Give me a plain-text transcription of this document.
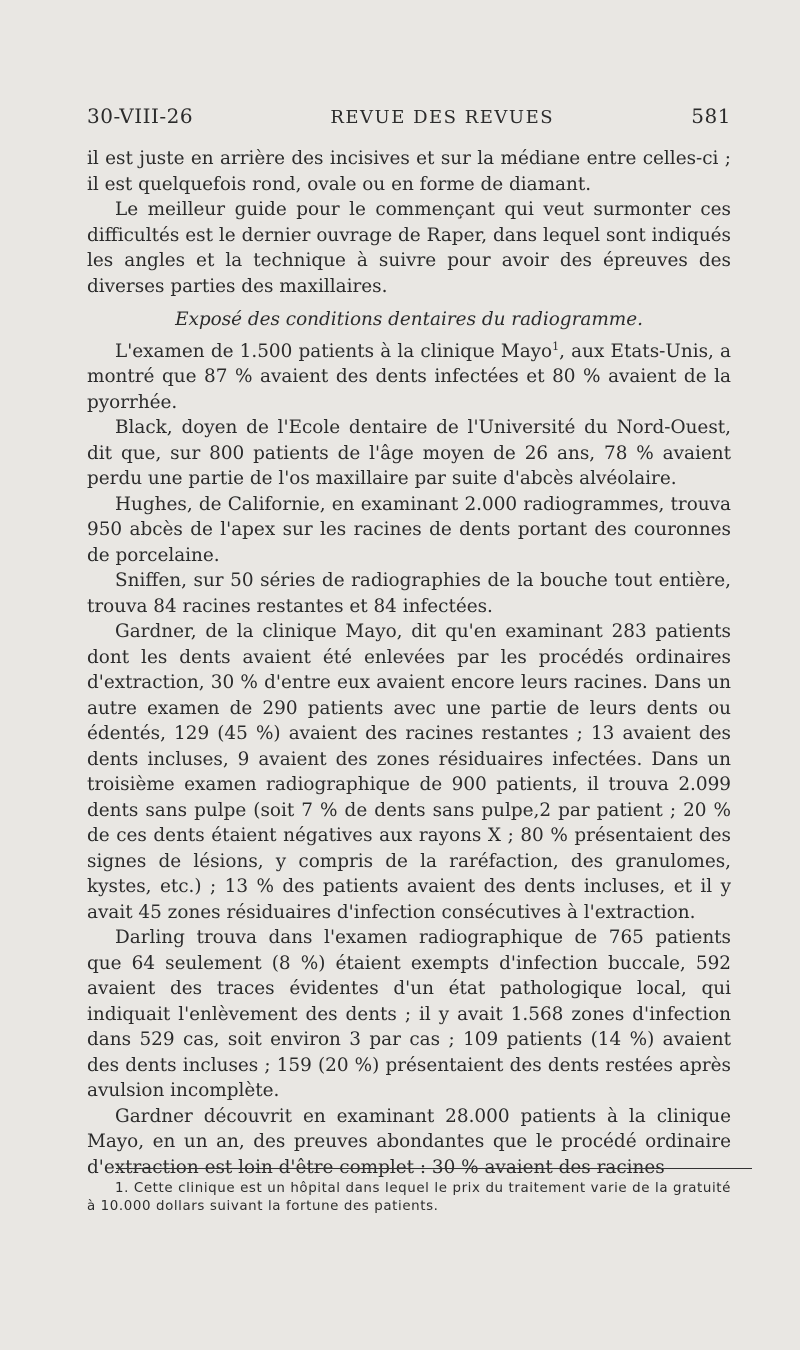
30-VIII-26	REVUE DES REVUES	581

il est juste en arrière des incisives et sur la médiane entre celles-ci ; il est quelquefois rond, ovale ou en forme de diamant.

Le meilleur guide pour le commençant qui veut surmonter ces difficultés est le dernier ouvrage de Raper, dans lequel sont indiqués les angles et la technique à suivre pour avoir des épreuves des diverses parties des maxillaires.

Exposé des conditions dentaires du radiogramme.

L'examen de 1.500 patients à la clinique Mayo$^1$, aux Etats-Unis, a montré que 87 % avaient des dents infectées et 80 % avaient de la pyorrhée.

Black, doyen de l'Ecole dentaire de l'Université du Nord-Ouest, dit que, sur 800 patients de l'âge moyen de 26 ans, 78 % avaient perdu une partie de l'os maxillaire par suite d'abcès alvéolaire.

Hughes, de Californie, en examinant 2.000 radiogrammes, trouva 950 abcès de l'apex sur les racines de dents portant des couronnes de porcelaine.

Sniffen, sur 50 séries de radiographies de la bouche tout entière, trouva 84 racines restantes et 84 infectées.

Gardner, de la clinique Mayo, dit qu'en examinant 283 patients dont les dents avaient été enlevées par les procédés ordinaires d'extraction, 30 % d'entre eux avaient encore leurs racines. Dans un autre examen de 290 patients avec une partie de leurs dents ou édentés, 129 (45 %) avaient des racines restantes ; 13 avaient des dents incluses, 9 avaient des zones résiduaires infectées. Dans un troisième examen radiographique de 900 patients, il trouva 2.099 dents sans pulpe (soit 7 % de dents sans pulpe,2 par patient ; 20 % de ces dents étaient négatives aux rayons X ; 80 % présentaient des signes de lésions, y compris de la raréfaction, des granulomes, kystes, etc.) ; 13 % des patients avaient des dents incluses, et il y avait 45 zones résiduaires d'infection consécutives à l'extraction.

Darling trouva dans l'examen radiographique de 765 patients que 64 seulement (8 %) étaient exempts d'infection buccale, 592 avaient des traces évidentes d'un état pathologique local, qui indiquait l'enlèvement des dents ; il y avait 1.568 zones d'infection dans 529 cas, soit environ 3 par cas ; 109 patients (14 %) avaient des dents incluses ; 159 (20 %) présentaient des dents restées après avulsion incomplète.

Gardner découvrit en examinant 28.000 patients à la clinique Mayo, en un an, des preuves abondantes que le procédé ordinaire d'extraction est loin d'être complet : 30 % avaient des racines

1. Cette clinique est un hôpital dans lequel le prix du traitement varie de la gratuité à 10.000 dollars suivant la fortune des patients.
